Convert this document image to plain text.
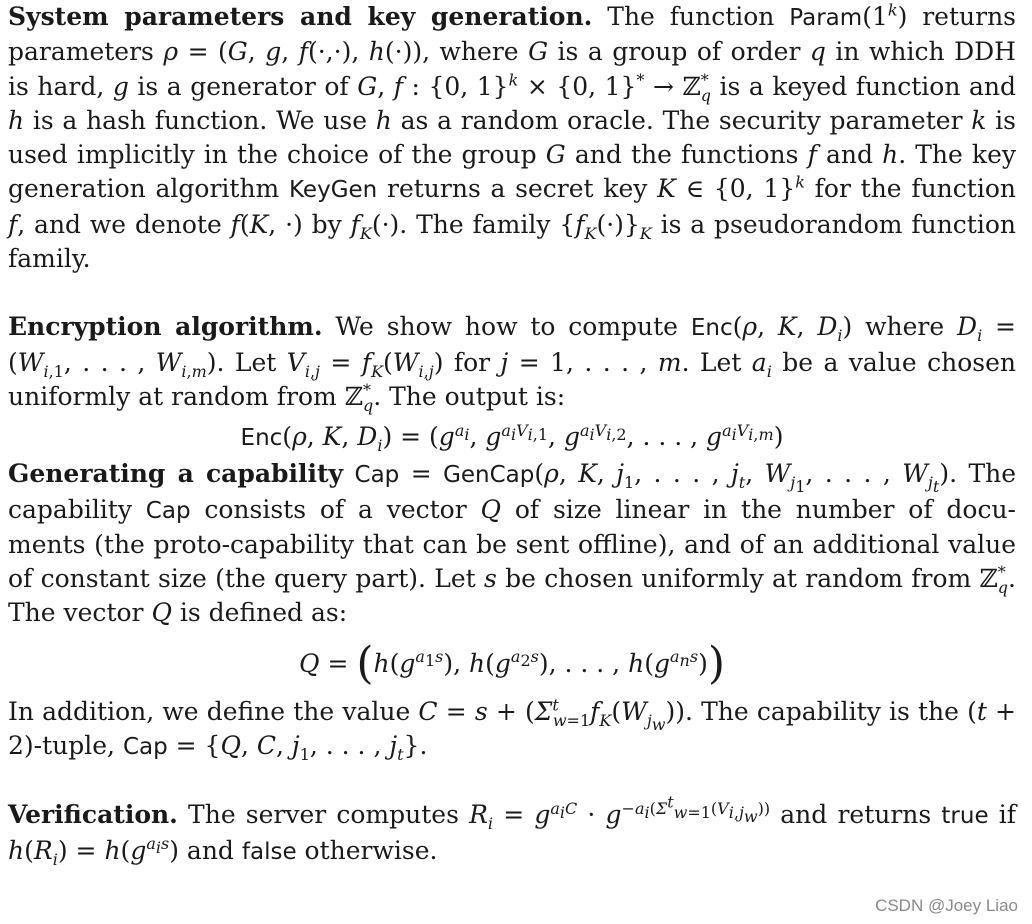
System parameters and key generation. The function Param(1$^k$) returns parameters ρ = (G, g, f(·,·), h(·)), where G is a group of order q in which DDH is hard, g is a generator of G, f : {0, 1}$^k$ × {0, 1}* → ℤ*$_q$ is a keyed function and h is a hash function. We use h as a random oracle. The security parameter k is used implicitly in the choice of the group G and the functions f and h. The key generation algorithm KeyGen returns a secret key K ∈ {0, 1}$^k$ for the function f, and we denote f(K, ·) by $f_K(\cdot)$. The family $\{f_K(\cdot)\}_K$ is a pseudorandom function family.
Encryption algorithm. We show how to compute Enc(ρ, K, $D_i$) where $D_i = (W_{i,1}$, . . . , $W_{i,m}$). Let $V_{i,j} = f_K(W_{i,j})$ for j = 1, . . . , m. Let $a_i$ be a value chosen uniformly at random from ℤ*$_q$. The output is:
Enc(ρ, K, $D_i) = (g^{a_i}$, $g^{a_iV_{i,1}}$, $g^{a_iV_{i,2}}$, . . . , $g^{a_iV_{i,m}}$)
Generating a capability Cap = GenCap(ρ, K, $j_1$, . . . , $j_t$, $W_{j_1}$, . . . , $W_{j_t}$). The capability Cap consists of a vector Q of size linear in the number of docu- ments (the proto-capability that can be sent offline), and of an additional value of constant size (the query part). Let s be chosen uniformly at random from ℤ*$_q$. The vector Q is defined as:
$Q = (h(g^{a_1s})$, $h(g^{a_2s})$, . . . , $h(g^{a_ns})$)
In addition, we define the value $C = s + (\Sigma^t_{w=1}f_K(W_{j_w}))$. The capability is the (t + 2)-tuple, Cap = {Q, C, $j_1$, . . . , $j_t$}.
Verification. The server computes $R_i = g^{a_iC} \cdot g^{-a_i(\Sigma^t_{w=1}(V_{i,j_w}))}$ and returns true if $h(R_i) = h(g^{a_is})$ and false otherwise.
CSDN @Joey Liao
